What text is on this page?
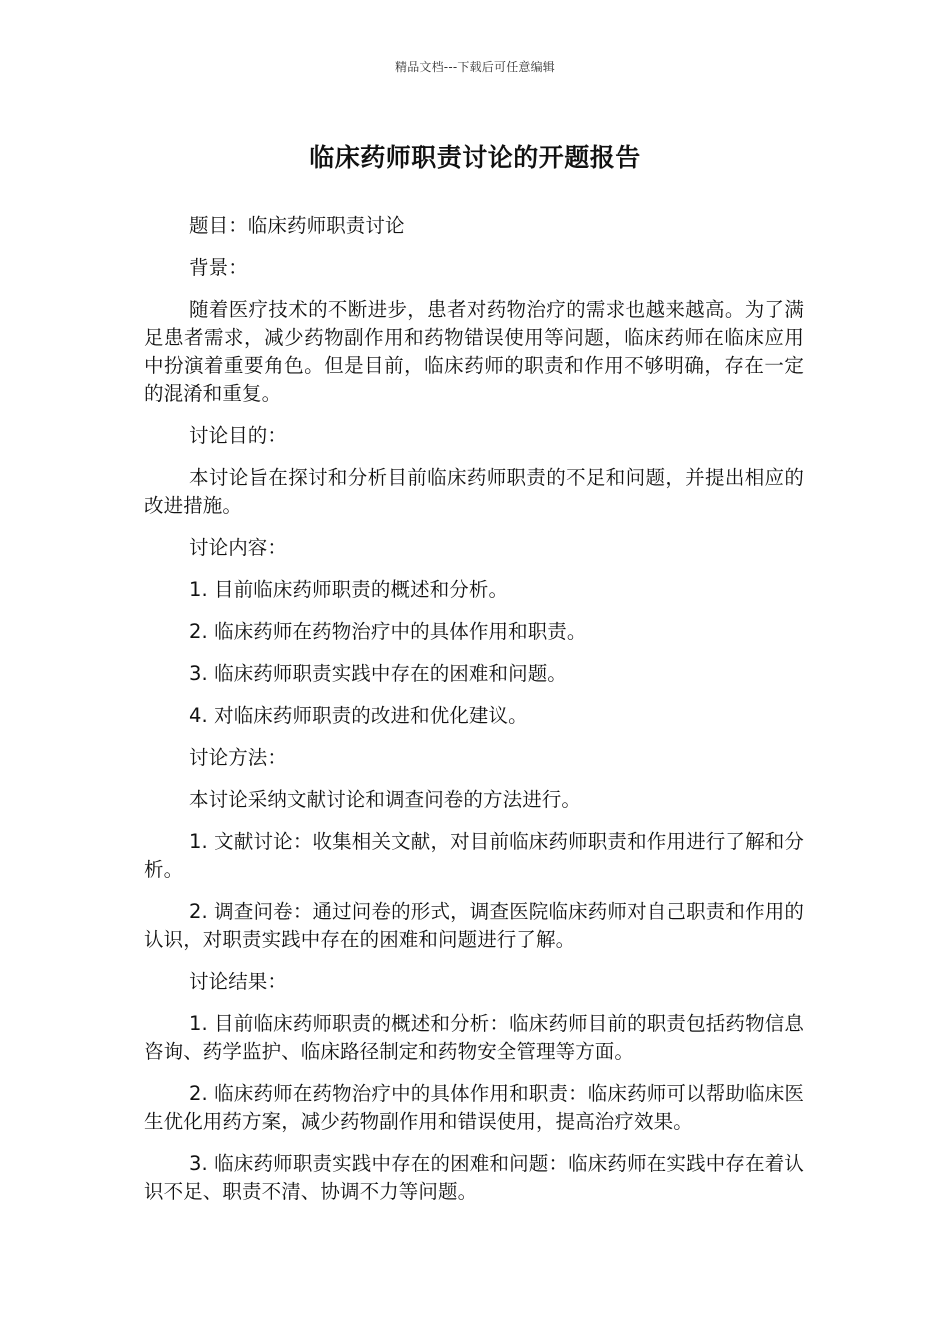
精品文档---下载后可任意编辑
临床药师职责讨论的开题报告

题目：临床药师职责讨论

背景：

随着医疗技术的不断进步，患者对药物治疗的需求也越来越高。为了满足患者需求，减少药物副作用和药物错误使用等问题，临床药师在临床应用中扮演着重要角色。但是目前，临床药师的职责和作用不够明确，存在一定的混淆和重复。

讨论目的：

本讨论旨在探讨和分析目前临床药师职责的不足和问题，并提出相应的改进措施。

讨论内容：

1. 目前临床药师职责的概述和分析。

2. 临床药师在药物治疗中的具体作用和职责。

3. 临床药师职责实践中存在的困难和问题。

4. 对临床药师职责的改进和优化建议。

讨论方法：

本讨论采纳文献讨论和调查问卷的方法进行。

1. 文献讨论：收集相关文献，对目前临床药师职责和作用进行了解和分析。

2. 调查问卷：通过问卷的形式，调查医院临床药师对自己职责和作用的认识，对职责实践中存在的困难和问题进行了解。

讨论结果：

1. 目前临床药师职责的概述和分析：临床药师目前的职责包括药物信息咨询、药学监护、临床路径制定和药物安全管理等方面。

2. 临床药师在药物治疗中的具体作用和职责：临床药师可以帮助临床医生优化用药方案，减少药物副作用和错误使用，提高治疗效果。

3. 临床药师职责实践中存在的困难和问题：临床药师在实践中存在着认识不足、职责不清、协调不力等问题。
